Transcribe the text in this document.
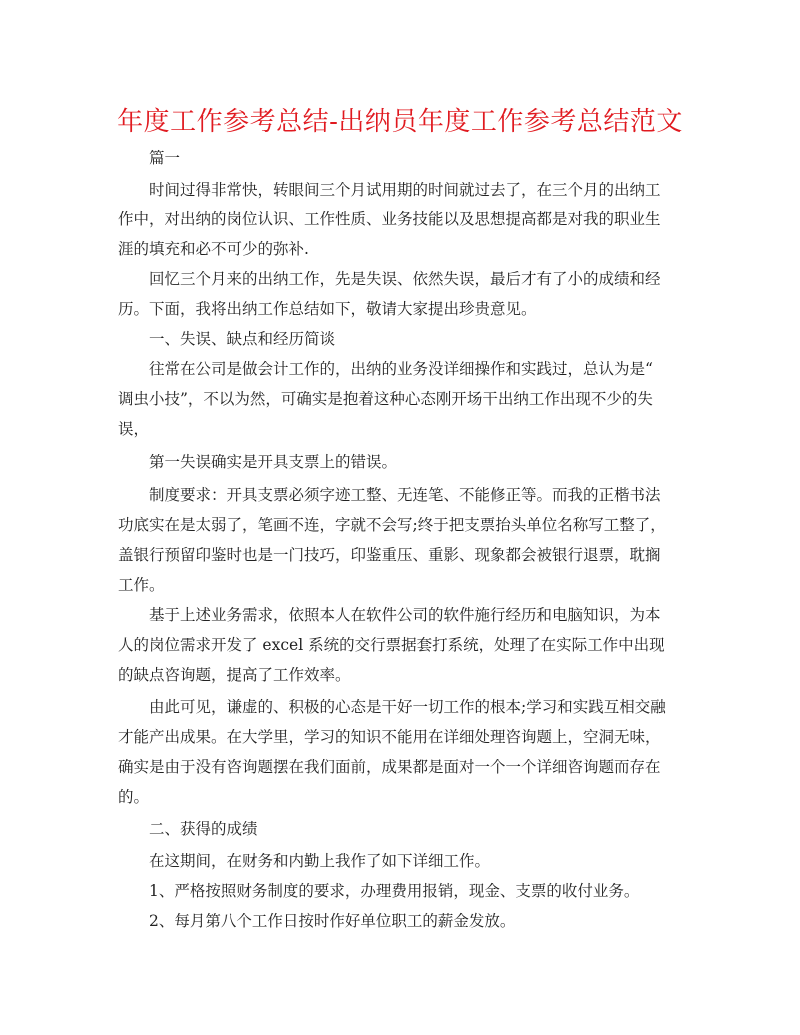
年度工作参考总结-出纳员年度工作参考总结范文
篇一
时间过得非常快，转眼间三个月试用期的时间就过去了，在三个月的出纳工
作中，对出纳的岗位认识、工作性质、业务技能以及思想提高都是对我的职业生
涯的填充和必不可少的弥补.
回忆三个月来的出纳工作，先是失误、依然失误，最后才有了小的成绩和经
历。下面，我将出纳工作总结如下，敬请大家提出珍贵意见。
一、失误、缺点和经历简谈
往常在公司是做会计工作的，出纳的业务没详细操作和实践过，总认为是“
调虫小技”，不以为然，可确实是抱着这种心态刚开场干出纳工作出现不少的失
误，
第一失误确实是开具支票上的错误。
制度要求：开具支票必须字迹工整、无连笔、不能修正等。而我的正楷书法
功底实在是太弱了，笔画不连，字就不会写;终于把支票抬头单位名称写工整了，
盖银行预留印鉴时也是一门技巧，印鉴重压、重影、现象都会被银行退票，耽搁
工作。
基于上述业务需求，依照本人在软件公司的软件施行经历和电脑知识，为本
人的岗位需求开发了 excel 系统的交行票据套打系统，处理了在实际工作中出现
的缺点咨询题，提高了工作效率。
由此可见，谦虚的、积极的心态是干好一切工作的根本;学习和实践互相交融
才能产出成果。在大学里，学习的知识不能用在详细处理咨询题上，空洞无味，
确实是由于没有咨询题摆在我们面前，成果都是面对一个一个详细咨询题而存在
的。
二、获得的成绩
在这期间，在财务和内勤上我作了如下详细工作。
1、严格按照财务制度的要求，办理费用报销，现金、支票的收付业务。
2、每月第八个工作日按时作好单位职工的薪金发放。
